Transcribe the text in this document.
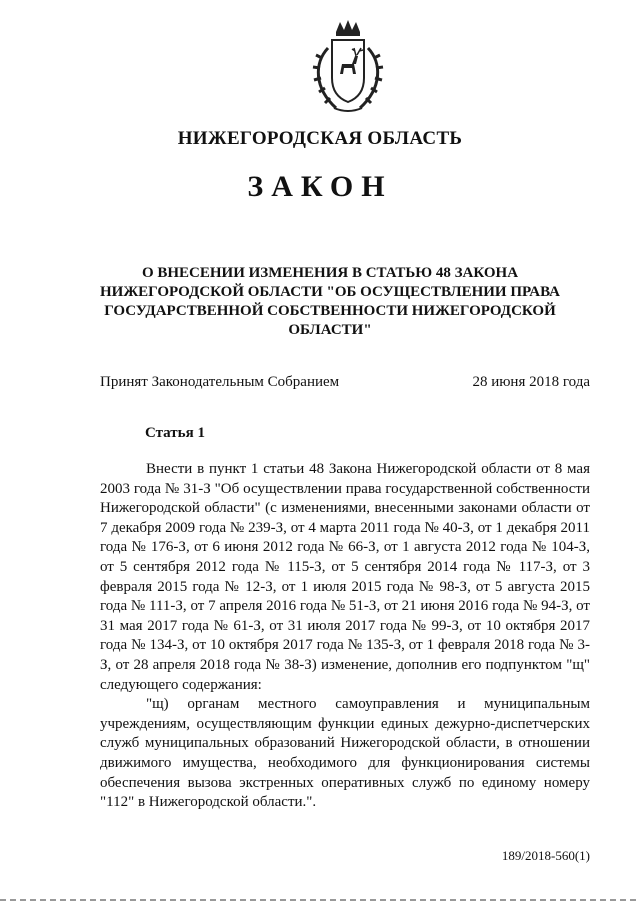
НИЖЕГОРОДСКАЯ ОБЛАСТЬ
ЗАКОН
О ВНЕСЕНИИ ИЗМЕНЕНИЯ В СТАТЬЮ 48 ЗАКОНА НИЖЕГОРОДСКОЙ ОБЛАСТИ "ОБ ОСУЩЕСТВЛЕНИИ ПРАВА ГОСУДАРСТВЕННОЙ СОБСТВЕННОСТИ НИЖЕГОРОДСКОЙ ОБЛАСТИ"
Принят Законодательным Собранием	28 июня 2018 года
Статья 1

Внести в пункт 1 статьи 48 Закона Нижегородской области от 8 мая 2003 года № 31-З "Об осуществлении права государственной собственности Нижегородской области" (с изменениями, внесенными законами области от 7 декабря 2009 года № 239-З, от 4 марта 2011 года № 40-З, от 1 декабря 2011 года № 176-З, от 6 июня 2012 года № 66-З, от 1 августа 2012 года № 104-З, от 5 сентября 2012 года № 115-З, от 5 сентября 2014 года № 117-З, от 3 февраля 2015 года № 12-З, от 1 июля 2015 года № 98-З, от 5 августа 2015 года № 111-З, от 7 апреля 2016 года № 51-З, от 21 июня 2016 года № 94-З, от 31 мая 2017 года № 61-З, от 31 июля 2017 года № 99-З, от 10 октября 2017 года № 134-З, от 10 октября 2017 года № 135-З, от 1 февраля 2018 года № 3-З, от 28 апреля 2018 года № 38-З) изменение, дополнив его подпунктом "щ" следующего содержания:

"щ) органам местного самоуправления и муниципальным учреждениям, осуществляющим функции единых дежурно-диспетчерских служб муниципальных образований Нижегородской области, в отношении движимого имущества, необходимого для функционирования системы обеспечения вызова экстренных оперативных служб по единому номеру "112" в Нижегородской области.".

189/2018-560(1)
